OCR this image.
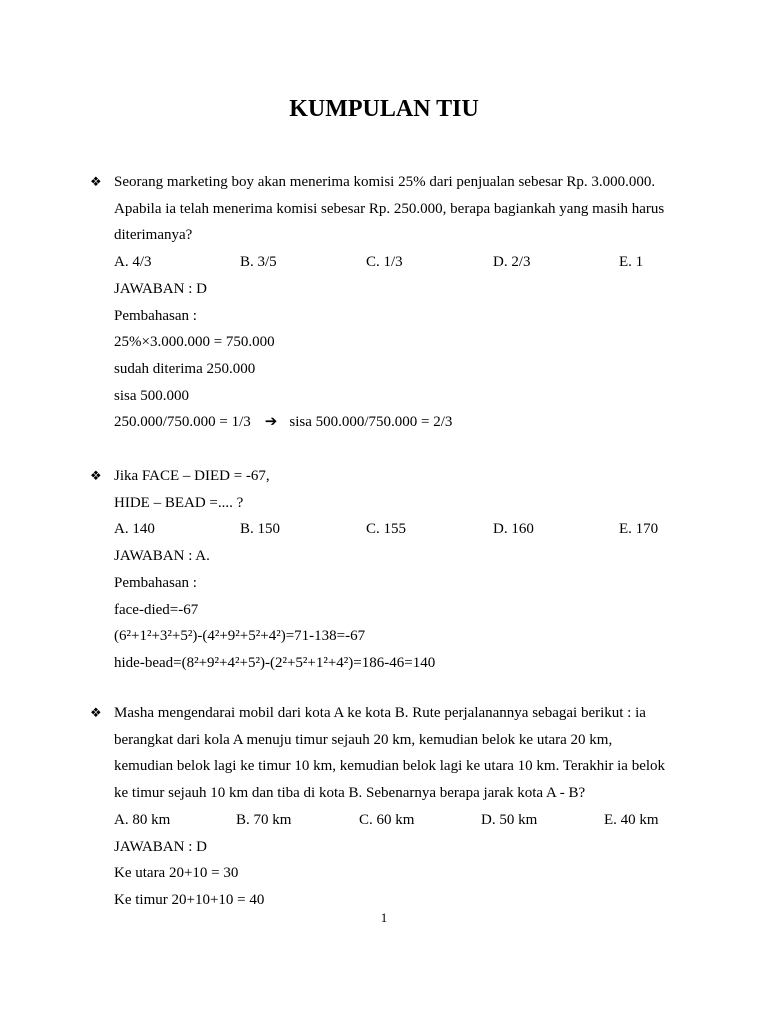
KUMPULAN TIU
❖ Seorang marketing boy akan menerima komisi 25% dari penjualan sebesar Rp. 3.000.000.
Apabila ia telah menerima komisi sebesar Rp. 250.000, berapa bagiankah yang masih harus
diterimanya?
A. 4/3	B. 3/5	C. 1/3	D. 2/3	E. 1
JAWABAN : D
Pembahasan :
25%×3.000.000 = 750.000
sudah diterima 250.000
sisa 500.000
250.000/750.000 = 1/3 ➔ sisa 500.000/750.000 = 2/3
❖ Jika FACE – DIED = -67,
HIDE – BEAD =.... ?
A. 140	B. 150	C. 155	D. 160	E. 170
JAWABAN : A.
Pembahasan :
face-died=-67
(6²+1²+3²+5²)-(4²+9²+5²+4²)=71-138=-67
hide-bead=(8²+9²+4²+5²)-(2²+5²+1²+4²)=186-46=140
❖ Masha mengendarai mobil dari kota A ke kota B. Rute perjalanannya sebagai berikut : ia
berangkat dari kola A menuju timur sejauh 20 km, kemudian belok ke utara 20 km,
kemudian belok lagi ke timur 10 km, kemudian belok lagi ke utara 10 km. Terakhir ia belok
ke timur sejauh 10 km dan tiba di kota B. Sebenarnya berapa jarak kota A - B?
A. 80 km	B. 70 km	C. 60 km	D. 50 km	E. 40 km
JAWABAN : D
Ke utara 20+10 = 30
Ke timur 20+10+10 = 40
1
